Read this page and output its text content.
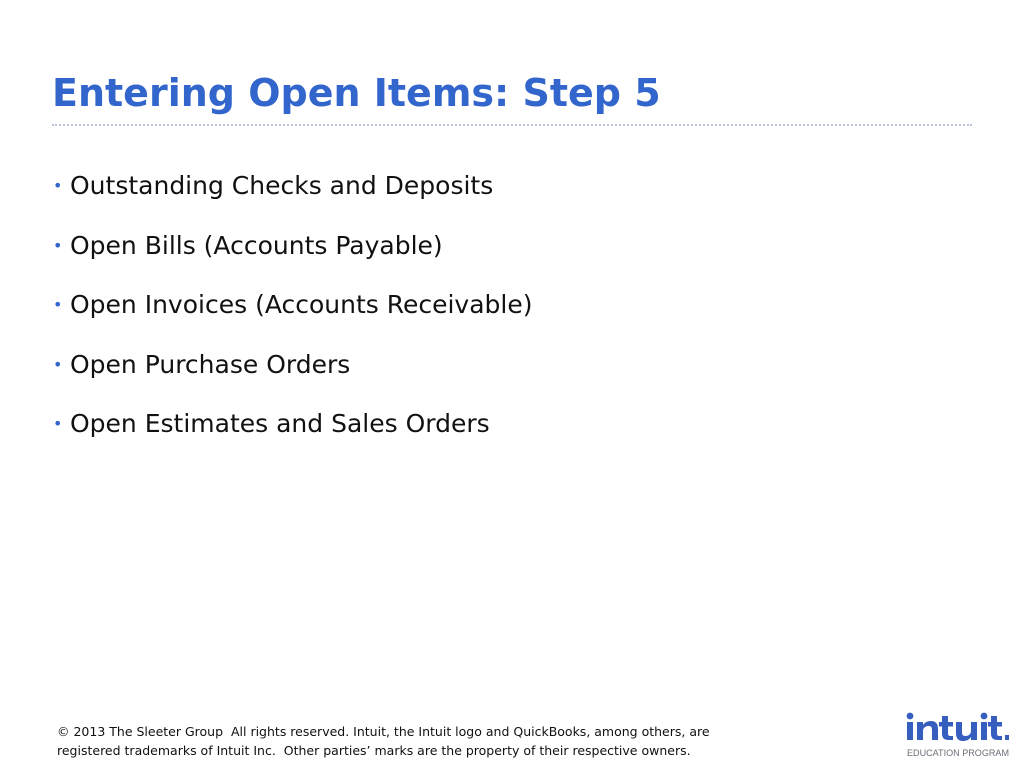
Entering Open Items: Step 5
• Outstanding Checks and Deposits
• Open Bills (Accounts Payable)
• Open Invoices (Accounts Receivable)
• Open Purchase Orders
• Open Estimates and Sales Orders
© 2013 The Sleeter Group  All rights reserved. Intuit, the Intuit logo and QuickBooks, among others, are
registered trademarks of Intuit Inc.  Other parties’ marks are the property of their respective owners.	EDUCATION PROGRAM
